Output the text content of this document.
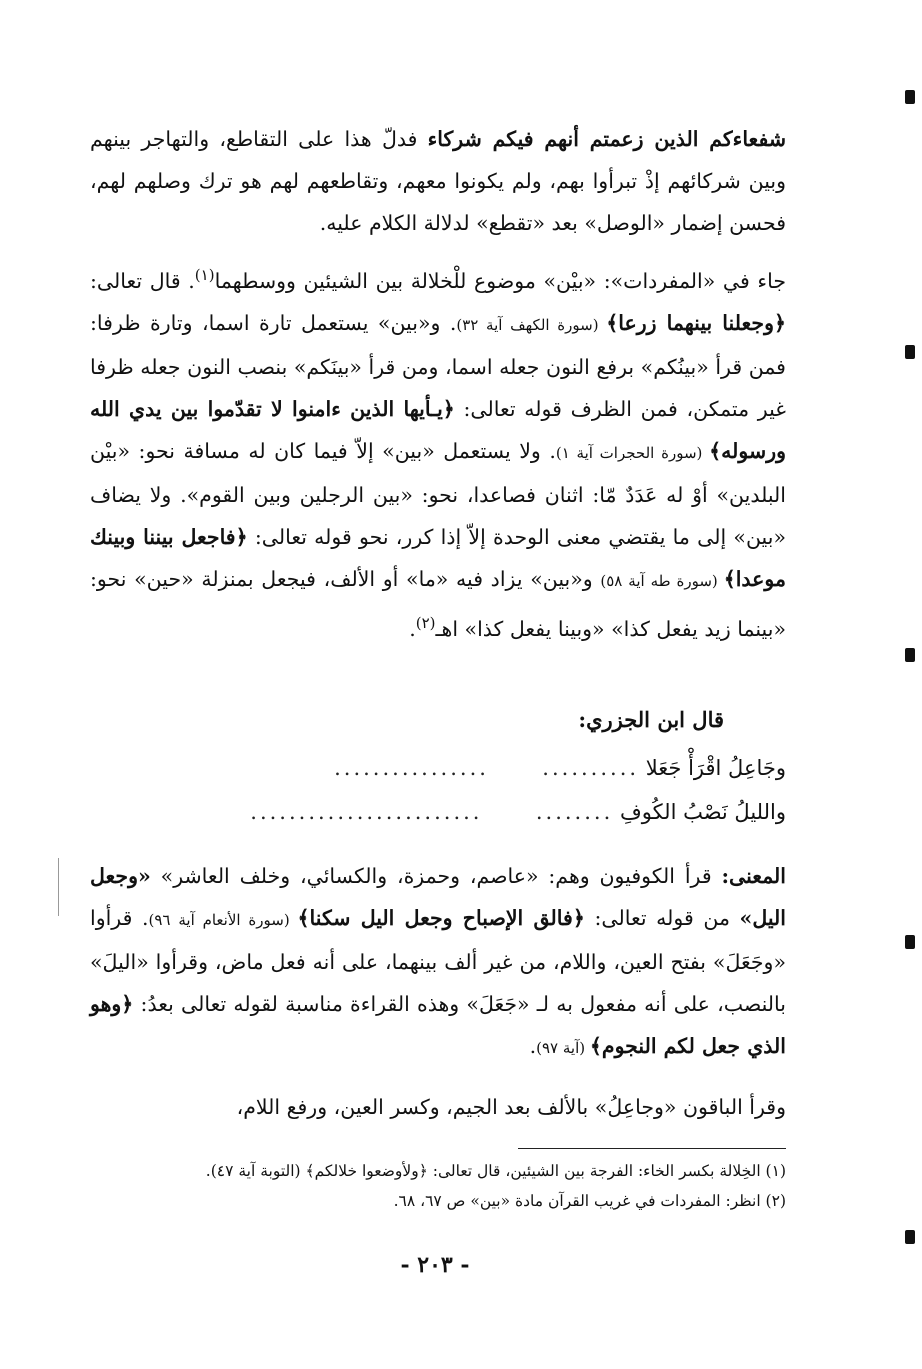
شفعاءكم الذين زعمتم أنهم فيكم شركاء فدلّ هذا على التقاطع، والتهاجر بينهم وبين شركائهم إذْ تبرأوا بهم، ولم يكونوا معهم، وتقاطعهم لهم هو ترك وصلهم لهم، فحسن إضمار «الوصل» بعد «تقطع» لدلالة الكلام عليه.

جاء في «المفردات»: «بيْن» موضوع للْخلالة بين الشيئين ووسطهما$^{(١)}$. قال تعالى: ﴿وجعلنا بينهما زرعا﴾ (سورة الكهف آية ٣٢). و«بين» يستعمل تارة اسما، وتارة ظرفا: فمن قرأ «بينُكم» برفع النون جعله اسما، ومن قرأ «بينَكم» بنصب النون جعله ظرفا غير متمكن، فمن الظرف قوله تعالى: ﴿يـأيها الذين ءامنوا لا تقدّموا بين يدي الله ورسوله﴾ (سورة الحجرات آية ١). ولا يستعمل «بين» إلاّ فيما كان له مسافة نحو: «بيْن البلدين» أوْ له عَدَدٌ مّا: اثنان فصاعدا، نحو: «بين الرجلين وبين القوم». ولا يضاف «بين» إلى ما يقتضي معنى الوحدة إلاّ إذا كرر، نحو قوله تعالى: ﴿فاجعل بيننا وبينك موعدا﴾ (سورة طه آية ٥٨) و«بين» يزاد فيه «ما» أو الألف، فيجعل بمنزلة «حين» نحو: «بينما زيد يفعل كذا» «وبينا يفعل كذا» اهـ$^{(٢)}$.

قال ابن الجزري:
وجَاعِلُ اقْرَأْ جَعَلا ..........  ................
والليلُ نَصْبُ الكُوفِ ........  ........................

المعنى: قرأ الكوفيون وهم: «عاصم، وحمزة، والكسائي، وخلف العاشر» «وجعل اليل» من قوله تعالى: ﴿فالق الإصباح وجعل اليل سكنا﴾ (سورة الأنعام آية ٩٦). قرأوا «وجَعَلَ» بفتح العين، واللام، من غير ألف بينهما، على أنه فعل ماض، وقرأوا «اليلَ» بالنصب، على أنه مفعول به لـ «جَعَلَ» وهذه القراءة مناسبة لقوله تعالى بعدُ: ﴿وهو الذي جعل لكم النجوم﴾ (آية ٩٧).

وقرأ الباقون «وجاعِلُ» بالألف بعد الجيم، وكسر العين، ورفع اللام،

(١) الخِلالة بكسر الخاء: الفرجة بين الشيئين، قال تعالى: ﴿ولأوضعوا خلالكم﴾ (التوبة آية ٤٧).

(٢) انظر: المفردات في غريب القرآن مادة «بين» ص ٦٧، ٦٨.

- ٢٠٣ -
